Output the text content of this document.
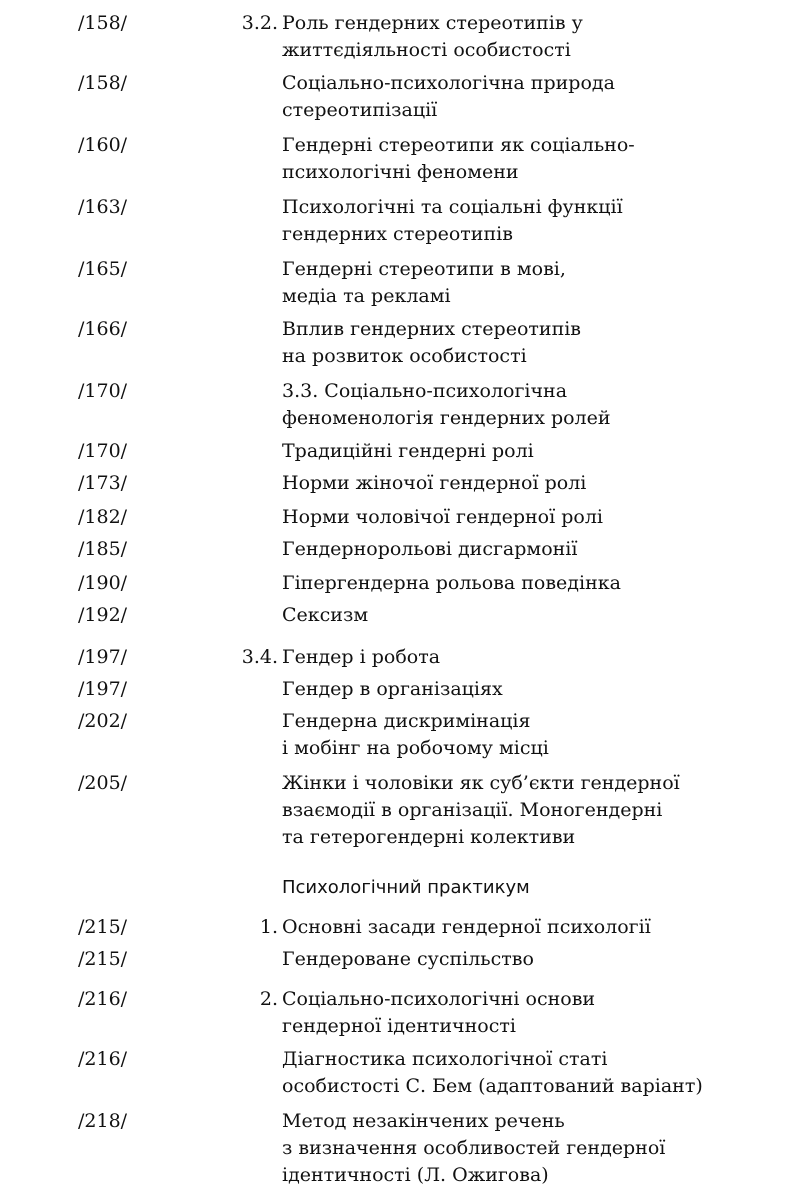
Психологічний практикум
/158/	3.2. Роль гендерних стереотипів у
життєдіяльності особистості
/158/	Соціально-психологічна природа
стереотипізації
/160/	Гендерні стереотипи як соціально-
психологічні феномени
/163/	Психологічні та соціальні функції
гендерних стереотипів
/165/	Гендерні стереотипи в мові,
медіа та рекламі
/166/	Вплив гендерних стереотипів
на розвиток особистості
/170/	3.3. Соціально-психологічна
феноменологія гендерних ролей
/170/	Традиційні гендерні ролі
/173/	Норми жіночої гендерної ролі
/182/	Норми чоловічої гендерної ролі
/185/	Гендернорольові дисгармонії
/190/	Гіпергендерна рольова поведінка
/192/	Сексизм
/197/	3.4. Гендер і робота
/197/	Гендер в організаціях
/202/	Гендерна дискримінація
і мобінг на робочому місці
/205/	Жінки і чоловіки як суб’єкти гендерної
взаємодії в організації. Моногендерні
та гетерогендерні колективи
/215/	1. Основні засади гендерної психології
/215/	Гендероване суспільство
/216/	2. Соціально-психологічні основи
гендерної ідентичності
/216/	Діагностика психологічної статі
особистості С. Бем (адаптований варіант)
/218/	Метод незакінчених речень
з визначення особливостей гендерної
ідентичності (Л. Ожигова)
